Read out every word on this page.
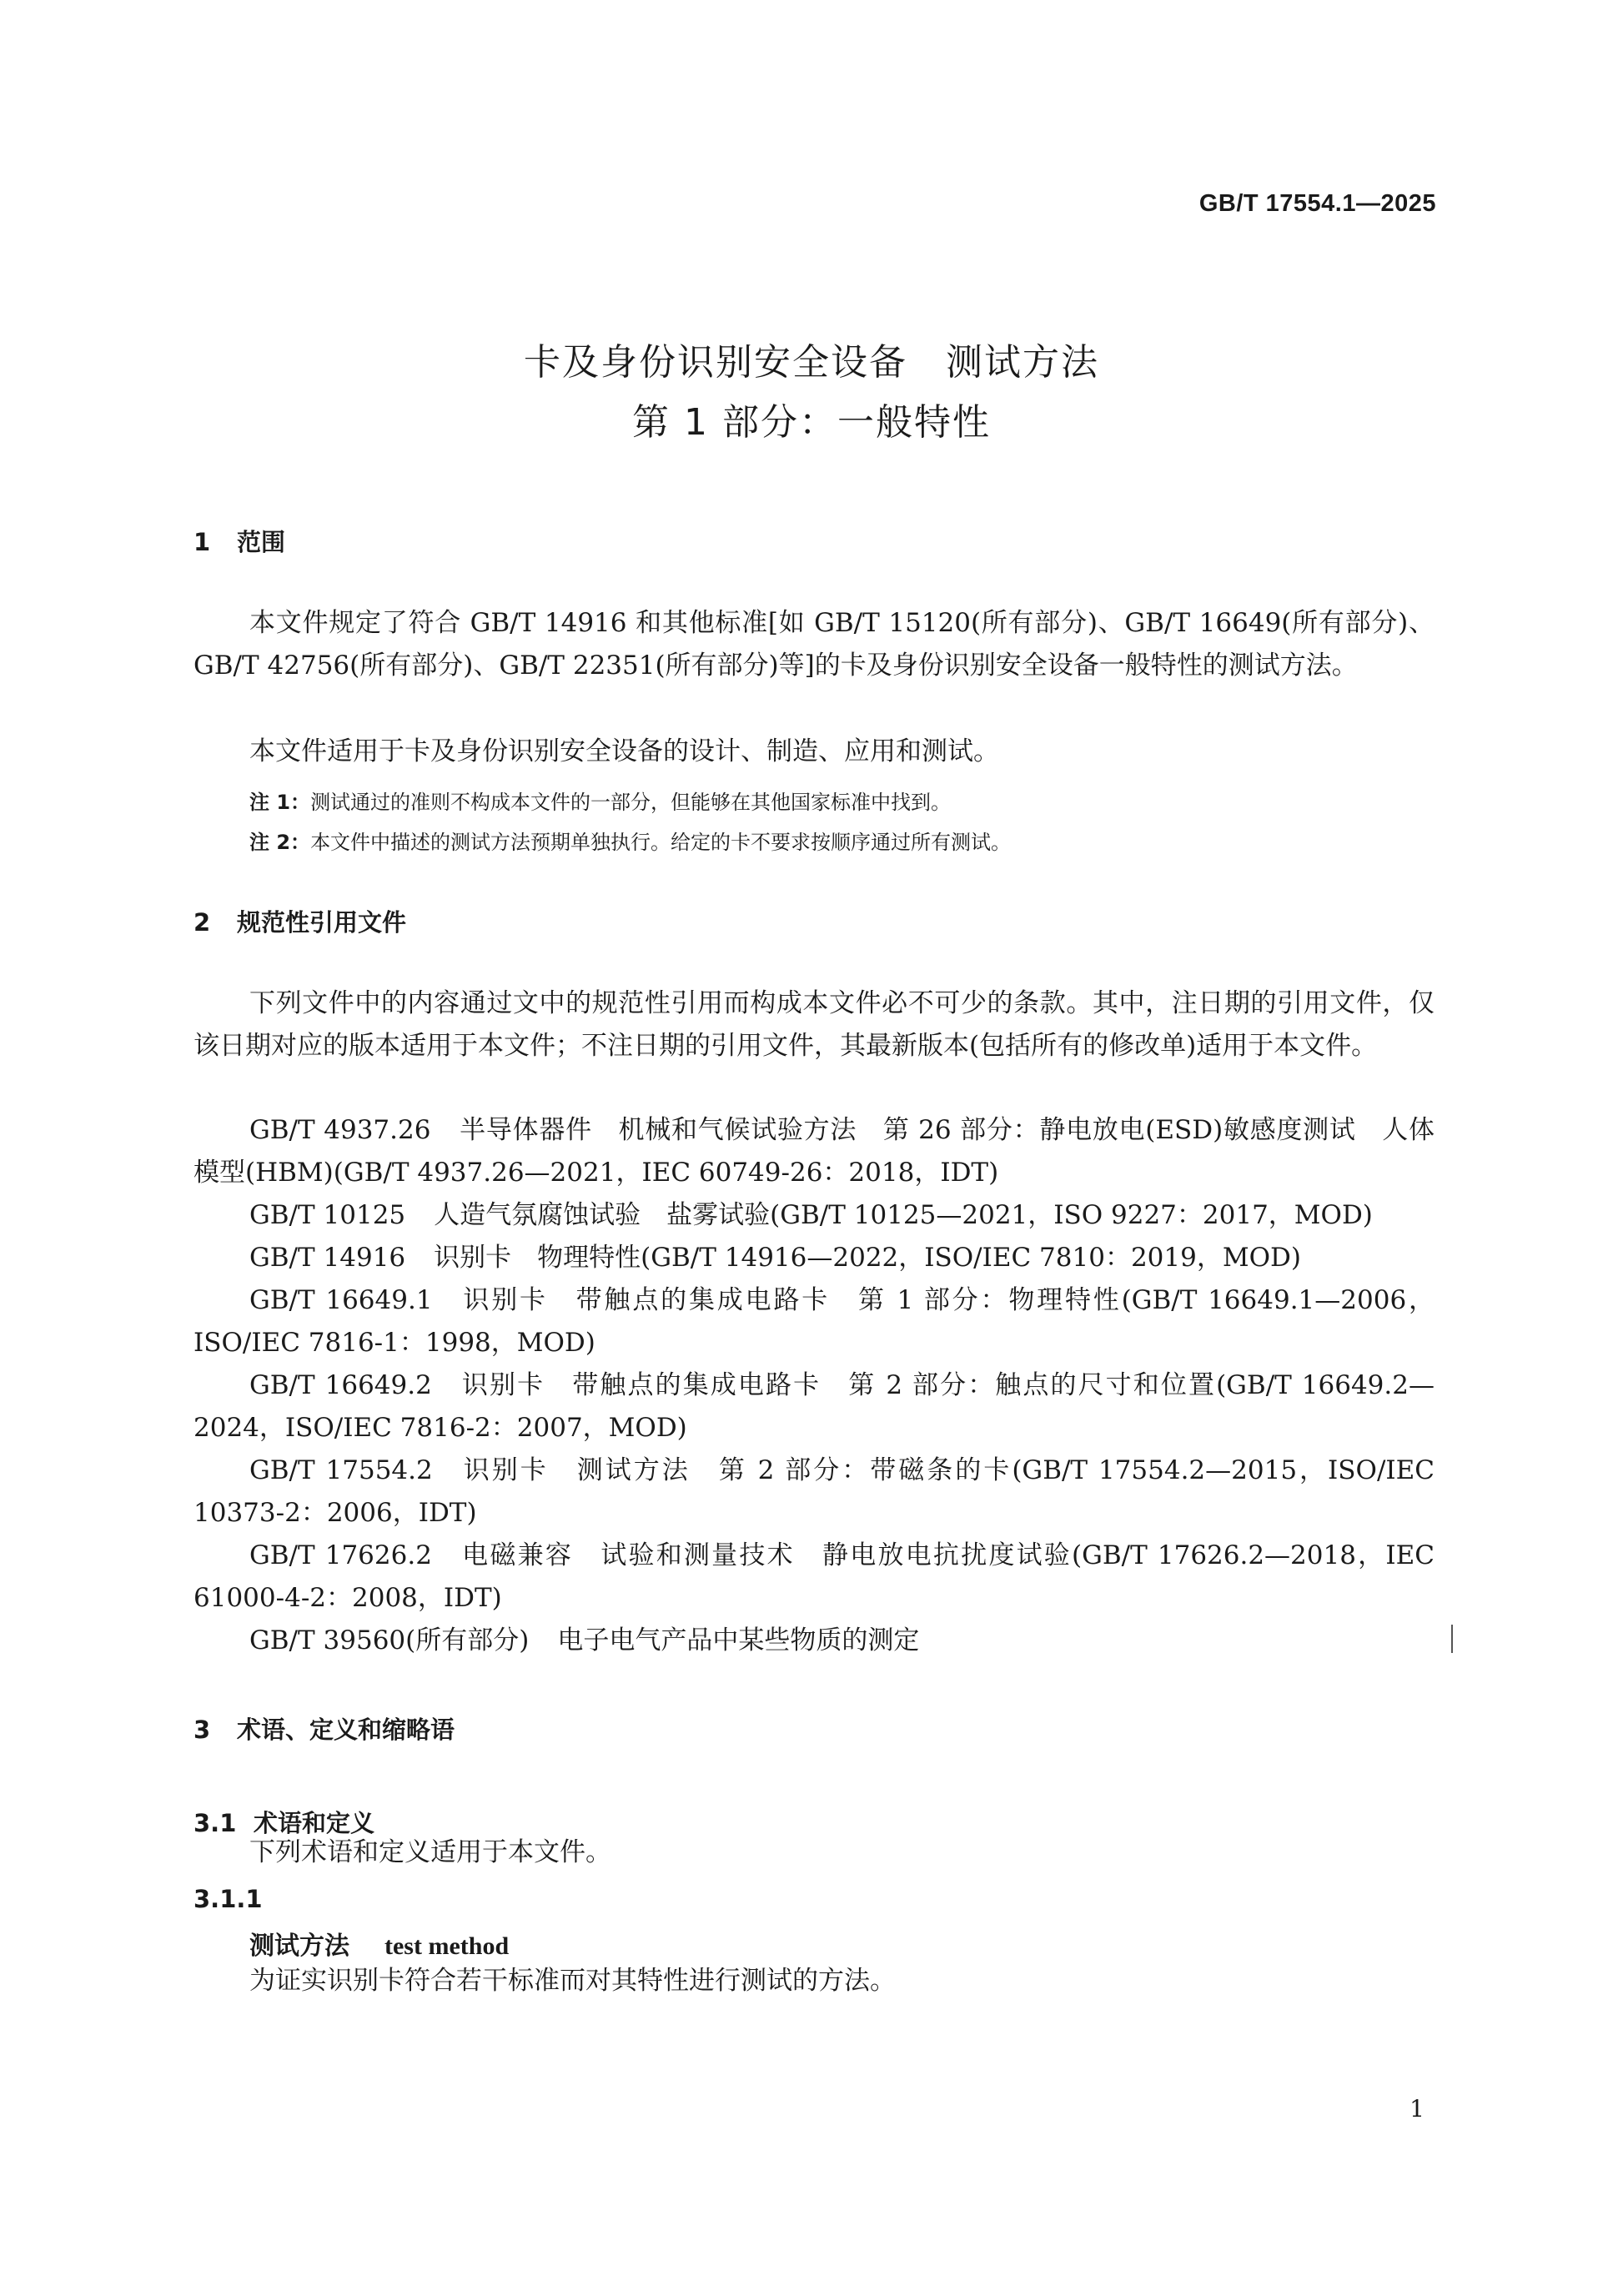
GB/T 17554.1—2025
卡及身份识别安全设备　测试方法
第 1 部分：一般特性
1 范围
本文件规定了符合 GB/T 14916 和其他标准[如 GB/T 15120(所有部分)、GB/T 16649(所有部分)、GB/T 42756(所有部分)、GB/T 22351(所有部分)等]的卡及身份识别安全设备一般特性的测试方法。
本文件适用于卡及身份识别安全设备的设计、制造、应用和测试。
注 1：测试通过的准则不构成本文件的一部分，但能够在其他国家标准中找到。
注 2：本文件中描述的测试方法预期单独执行。给定的卡不要求按顺序通过所有测试。
2 规范性引用文件
下列文件中的内容通过文中的规范性引用而构成本文件必不可少的条款。其中，注日期的引用文件，仅该日期对应的版本适用于本文件；不注日期的引用文件，其最新版本(包括所有的修改单)适用于本文件。
GB/T 4937.26 半导体器件　机械和气候试验方法　第 26 部分：静电放电(ESD)敏感度测试　人体模型(HBM)(GB/T 4937.26—2021，IEC 60749-26：2018，IDT)
GB/T 10125 人造气氛腐蚀试验　盐雾试验(GB/T 10125—2021，ISO 9227：2017，MOD)
GB/T 14916 识别卡　物理特性(GB/T 14916—2022，ISO/IEC 7810：2019，MOD)
GB/T 16649.1 识别卡　带触点的集成电路卡　第 1 部分：物理特性(GB/T 16649.1—2006，ISO/IEC 7816-1：1998，MOD)
GB/T 16649.2 识别卡　带触点的集成电路卡　第 2 部分：触点的尺寸和位置(GB/T 16649.2—2024，ISO/IEC 7816-2：2007，MOD)
GB/T 17554.2 识别卡　测试方法　第 2 部分：带磁条的卡(GB/T 17554.2—2015，ISO/IEC 10373-2：2006，IDT)
GB/T 17626.2 电磁兼容　试验和测量技术　静电放电抗扰度试验(GB/T 17626.2—2018，IEC 61000-4-2：2008，IDT)
GB/T 39560(所有部分) 电子电气产品中某些物质的测定
3 术语、定义和缩略语
3.1 术语和定义
下列术语和定义适用于本文件。
3.1.1
测试方法 test method
为证实识别卡符合若干标准而对其特性进行测试的方法。
1
